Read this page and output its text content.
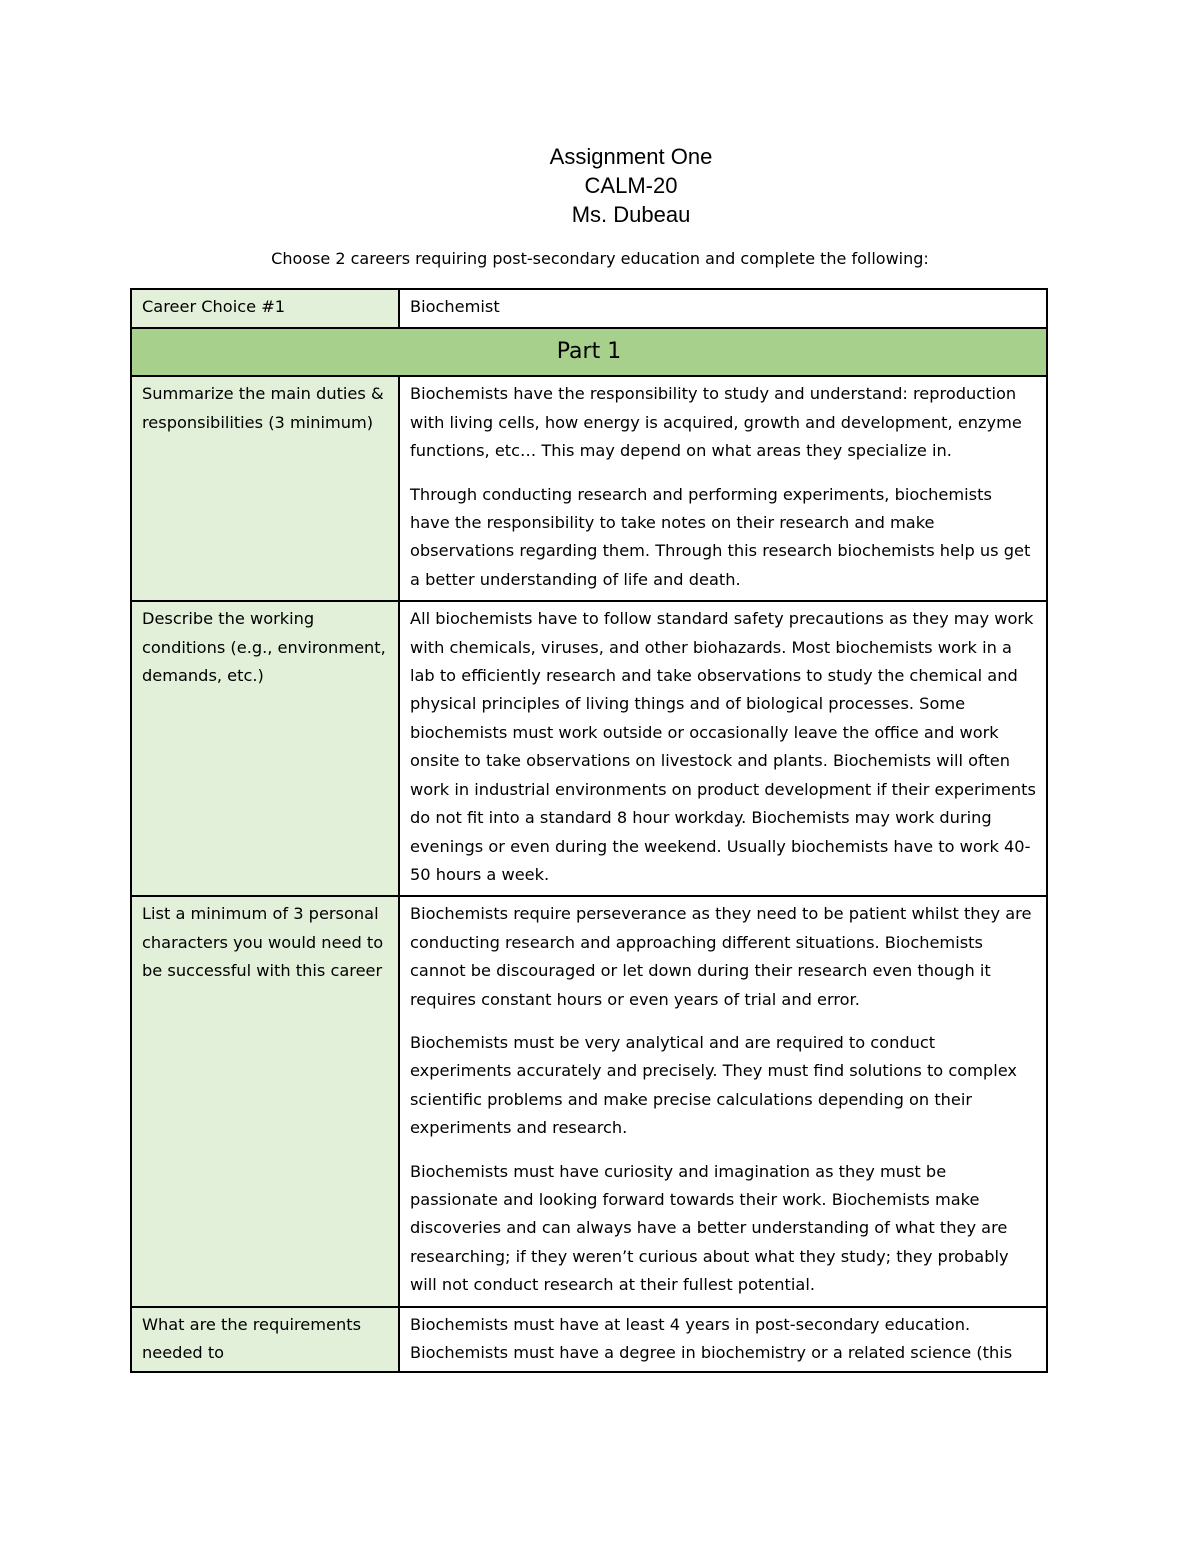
Assignment One
CALM-20
Ms. Dubeau
Choose 2 careers requiring post-secondary education and complete the following:
Career Choice #1	Biochemist
Part 1	
Summarize the main duties & responsibilities (3 minimum)	Biochemists have the responsibility to study and understand: reproduction with living cells, how energy is acquired, growth and development, enzyme functions, etc… This may depend on what areas they specialize in.

Through conducting research and performing experiments, biochemists have the responsibility to take notes on their research and make observations regarding them. Through this research biochemists help us get a better understanding of life and death.

Describe the working conditions (e.g., environment, demands, etc.)	All biochemists have to follow standard safety precautions as they may work with chemicals, viruses, and other biohazards. Most biochemists work in a lab to efficiently research and take observations to study the chemical and physical principles of living things and of biological processes. Some biochemists must work outside or occasionally leave the office and work onsite to take observations on livestock and plants. Biochemists will often work in industrial environments on product development if their experiments do not fit into a standard 8 hour workday. Biochemists may work during evenings or even during the weekend. Usually biochemists have to work 40-50 hours a week.

List a minimum of 3 personal characters you would need to be successful with this career	Biochemists require perseverance as they need to be patient whilst they are conducting research and approaching different situations. Biochemists cannot be discouraged or let down during their research even though it requires constant hours or even years of trial and error.

Biochemists must be very analytical and are required to conduct experiments accurately and precisely. They must find solutions to complex scientific problems and make precise calculations depending on their experiments and research.

Biochemists must have curiosity and imagination as they must be passionate and looking forward towards their work. Biochemists make discoveries and can always have a better understanding of what they are researching; if they weren’t curious about what they study; they probably will not conduct research at their fullest potential.

What are the requirements needed to	Biochemists must have at least 4 years in post-secondary education. Biochemists must have a degree in biochemistry or a related science (this
